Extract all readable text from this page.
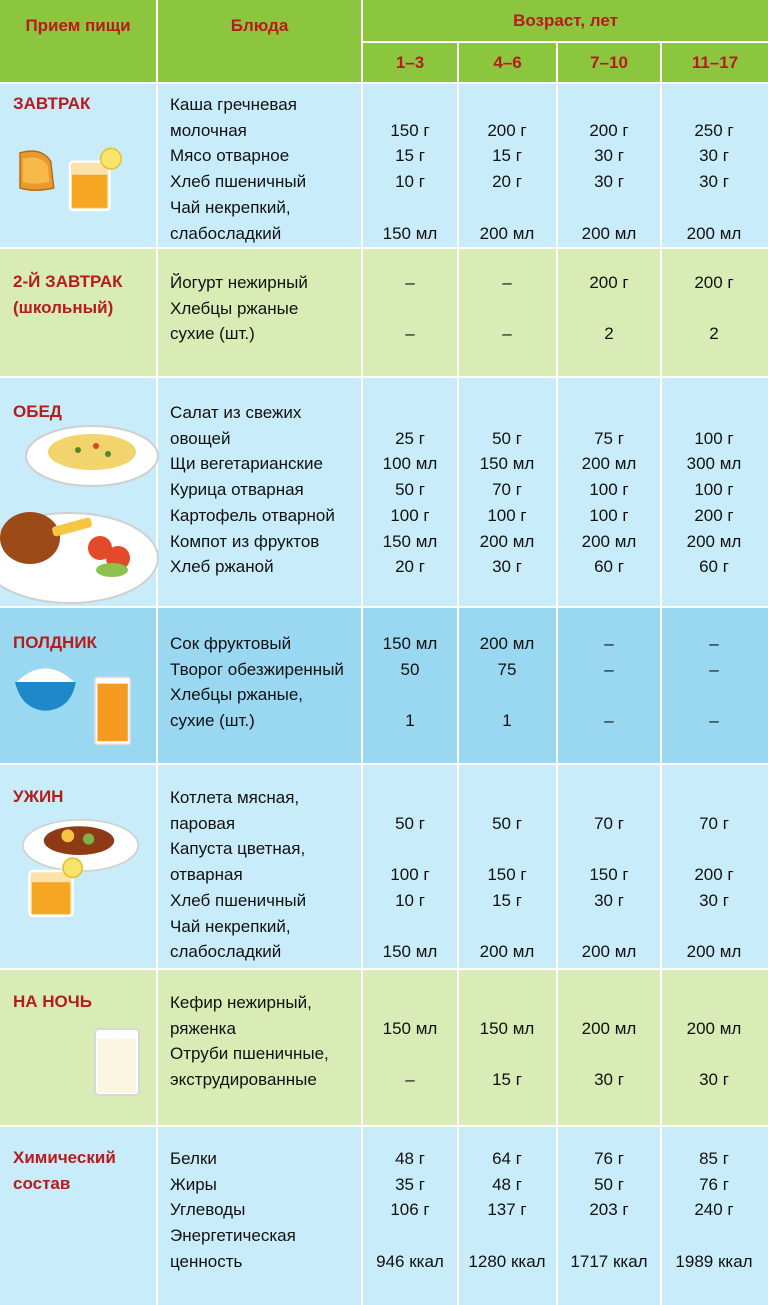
Прием пищи	Блюда	Возраст, лет
1–3	4–6	7–10	11–17
ЗАВТРАК	Каша гречневая
молочная	150 г	200 г	200 г	250 г
Мясо отварное	15 г	15 г	30 г	30 г
Хлеб пшеничный	10 г	20 г	30 г	30 г
Чай некрепкий,
слабосладкий	150 мл	200 мл	200 мл	200 мл
2-Й ЗАВТРАК
(школьный)
Йогурт нежирный	–	–	200 г	200 г
Хлебцы ржаные
сухие (шт.)	–	–	2	2
ОБЕД	Салат из свежих
овощей	25 г	50 г	75 г	100 г
Щи вегетарианские	100 мл	150 мл	200 мл	300 мл
Курица отварная	50 г	70 г	100 г	100 г
Картофель отварной	100 г	100 г	100 г	200 г
Компот из фруктов	150 мл	200 мл	200 мл	200 мл
Хлеб ржаной	20 г	30 г	60 г	60 г
ПОЛДНИК	Сок фруктовый	150 мл	200 мл	–	–
Творог обезжиренный	50	75	–	–
Хлебцы ржаные,
сухие (шт.)	1	1	–	–
УЖИН	Котлета мясная,
паровая	50 г	50 г	70 г	70 г
Капуста цветная,
отварная	100 г	150 г	150 г	200 г
Хлеб пшеничный	10 г	15 г	30 г	30 г
Чай некрепкий,
слабосладкий	150 мл	200 мл	200 мл	200 мл
НА НОЧЬ	Кефир нежирный,
ряженка	150 мл	150 мл	200 мл	200 мл
Отруби пшеничные,
экструдированные	–	15 г	30 г	30 г
Химический
состав
Белки	48 г	64 г	76 г	85 г
Жиры	35 г	48 г	50 г	76 г
Углеводы	106 г	137 г	203 г	240 г
Энергетическая
ценность	946 ккал	1280 ккал	1717 ккал	1989 ккал
